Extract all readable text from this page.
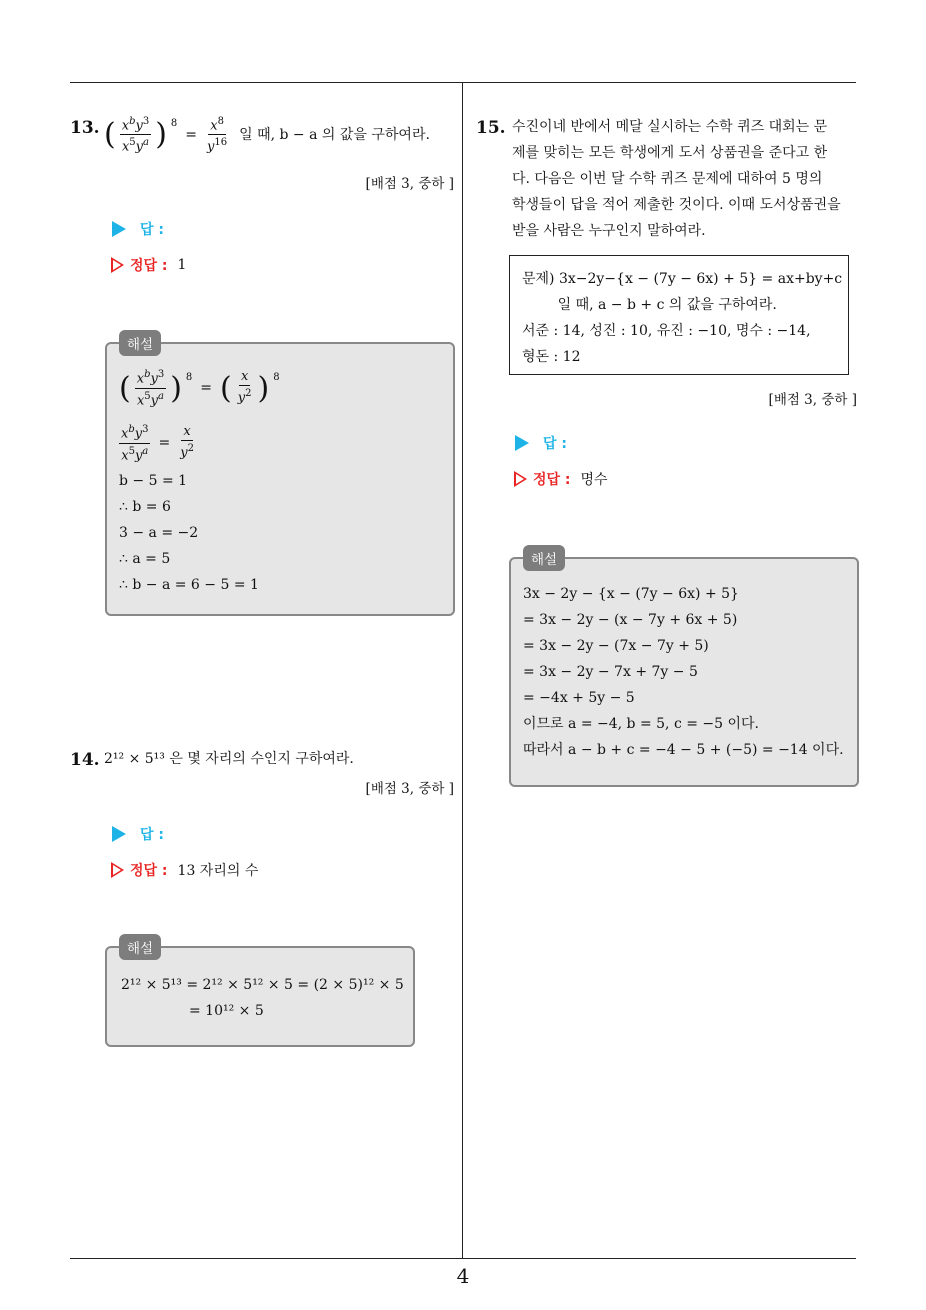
4
13. ( $\frac{x^by^3}{x^5y^a}$ ) $^8$
= $\frac{x^8}{y^{16}}$ 일 때, b − a 의 값을 구하여라.
[배점 3, 중하 ]
답 :
정답 : 1
해설
( $\frac{x^by^3}{x^5y^a}$ ) $^8$
= ( $\frac{x}{y^2}$ ) $^8$
$\frac{x^by^3}{x^5y^a} = \frac{x}{y^2}$
b − 5 = 1
∴ b = 6
3 − a = −2
∴ a = 5
∴ b − a = 6 − 5 = 1
14. 2¹² × 5¹³ 은 몇 자리의 수인지 구하여라.
[배점 3, 중하 ]
답 :
정답 : 13 자리의 수
해설
2¹² × 5¹³ = 2¹² × 5¹² × 5 = (2 × 5)¹² × 5
= 10¹² × 5
15. 수진이네 반에서 메달 실시하는 수학 퀴즈 대회는 문
제를 맞히는 모든 학생에게 도서 상품권을 준다고 한
다. 다음은 이번 달 수학 퀴즈 문제에 대하여 5 명의
학생들이 답을 적어 제출한 것이다. 이때 도서상품권을
받을 사람은 누구인지 말하여라.
문제) 3x−2y−{x − (7y − 6x) + 5} = ax+by+c
일 때, a − b + c 의 값을 구하여라.
서준 : 14, 성진 : 10, 유진 : −10, 명수 : −14,
형돈 : 12
[배점 3, 중하 ]
답 :
정답 : 명수
해설
3x − 2y − {x − (7y − 6x) + 5}
= 3x − 2y − (x − 7y + 6x + 5)
= 3x − 2y − (7x − 7y + 5)
= 3x − 2y − 7x + 7y − 5
= −4x + 5y − 5
이므로 a = −4, b = 5, c = −5 이다.
따라서 a − b + c = −4 − 5 + (−5) = −14 이다.
